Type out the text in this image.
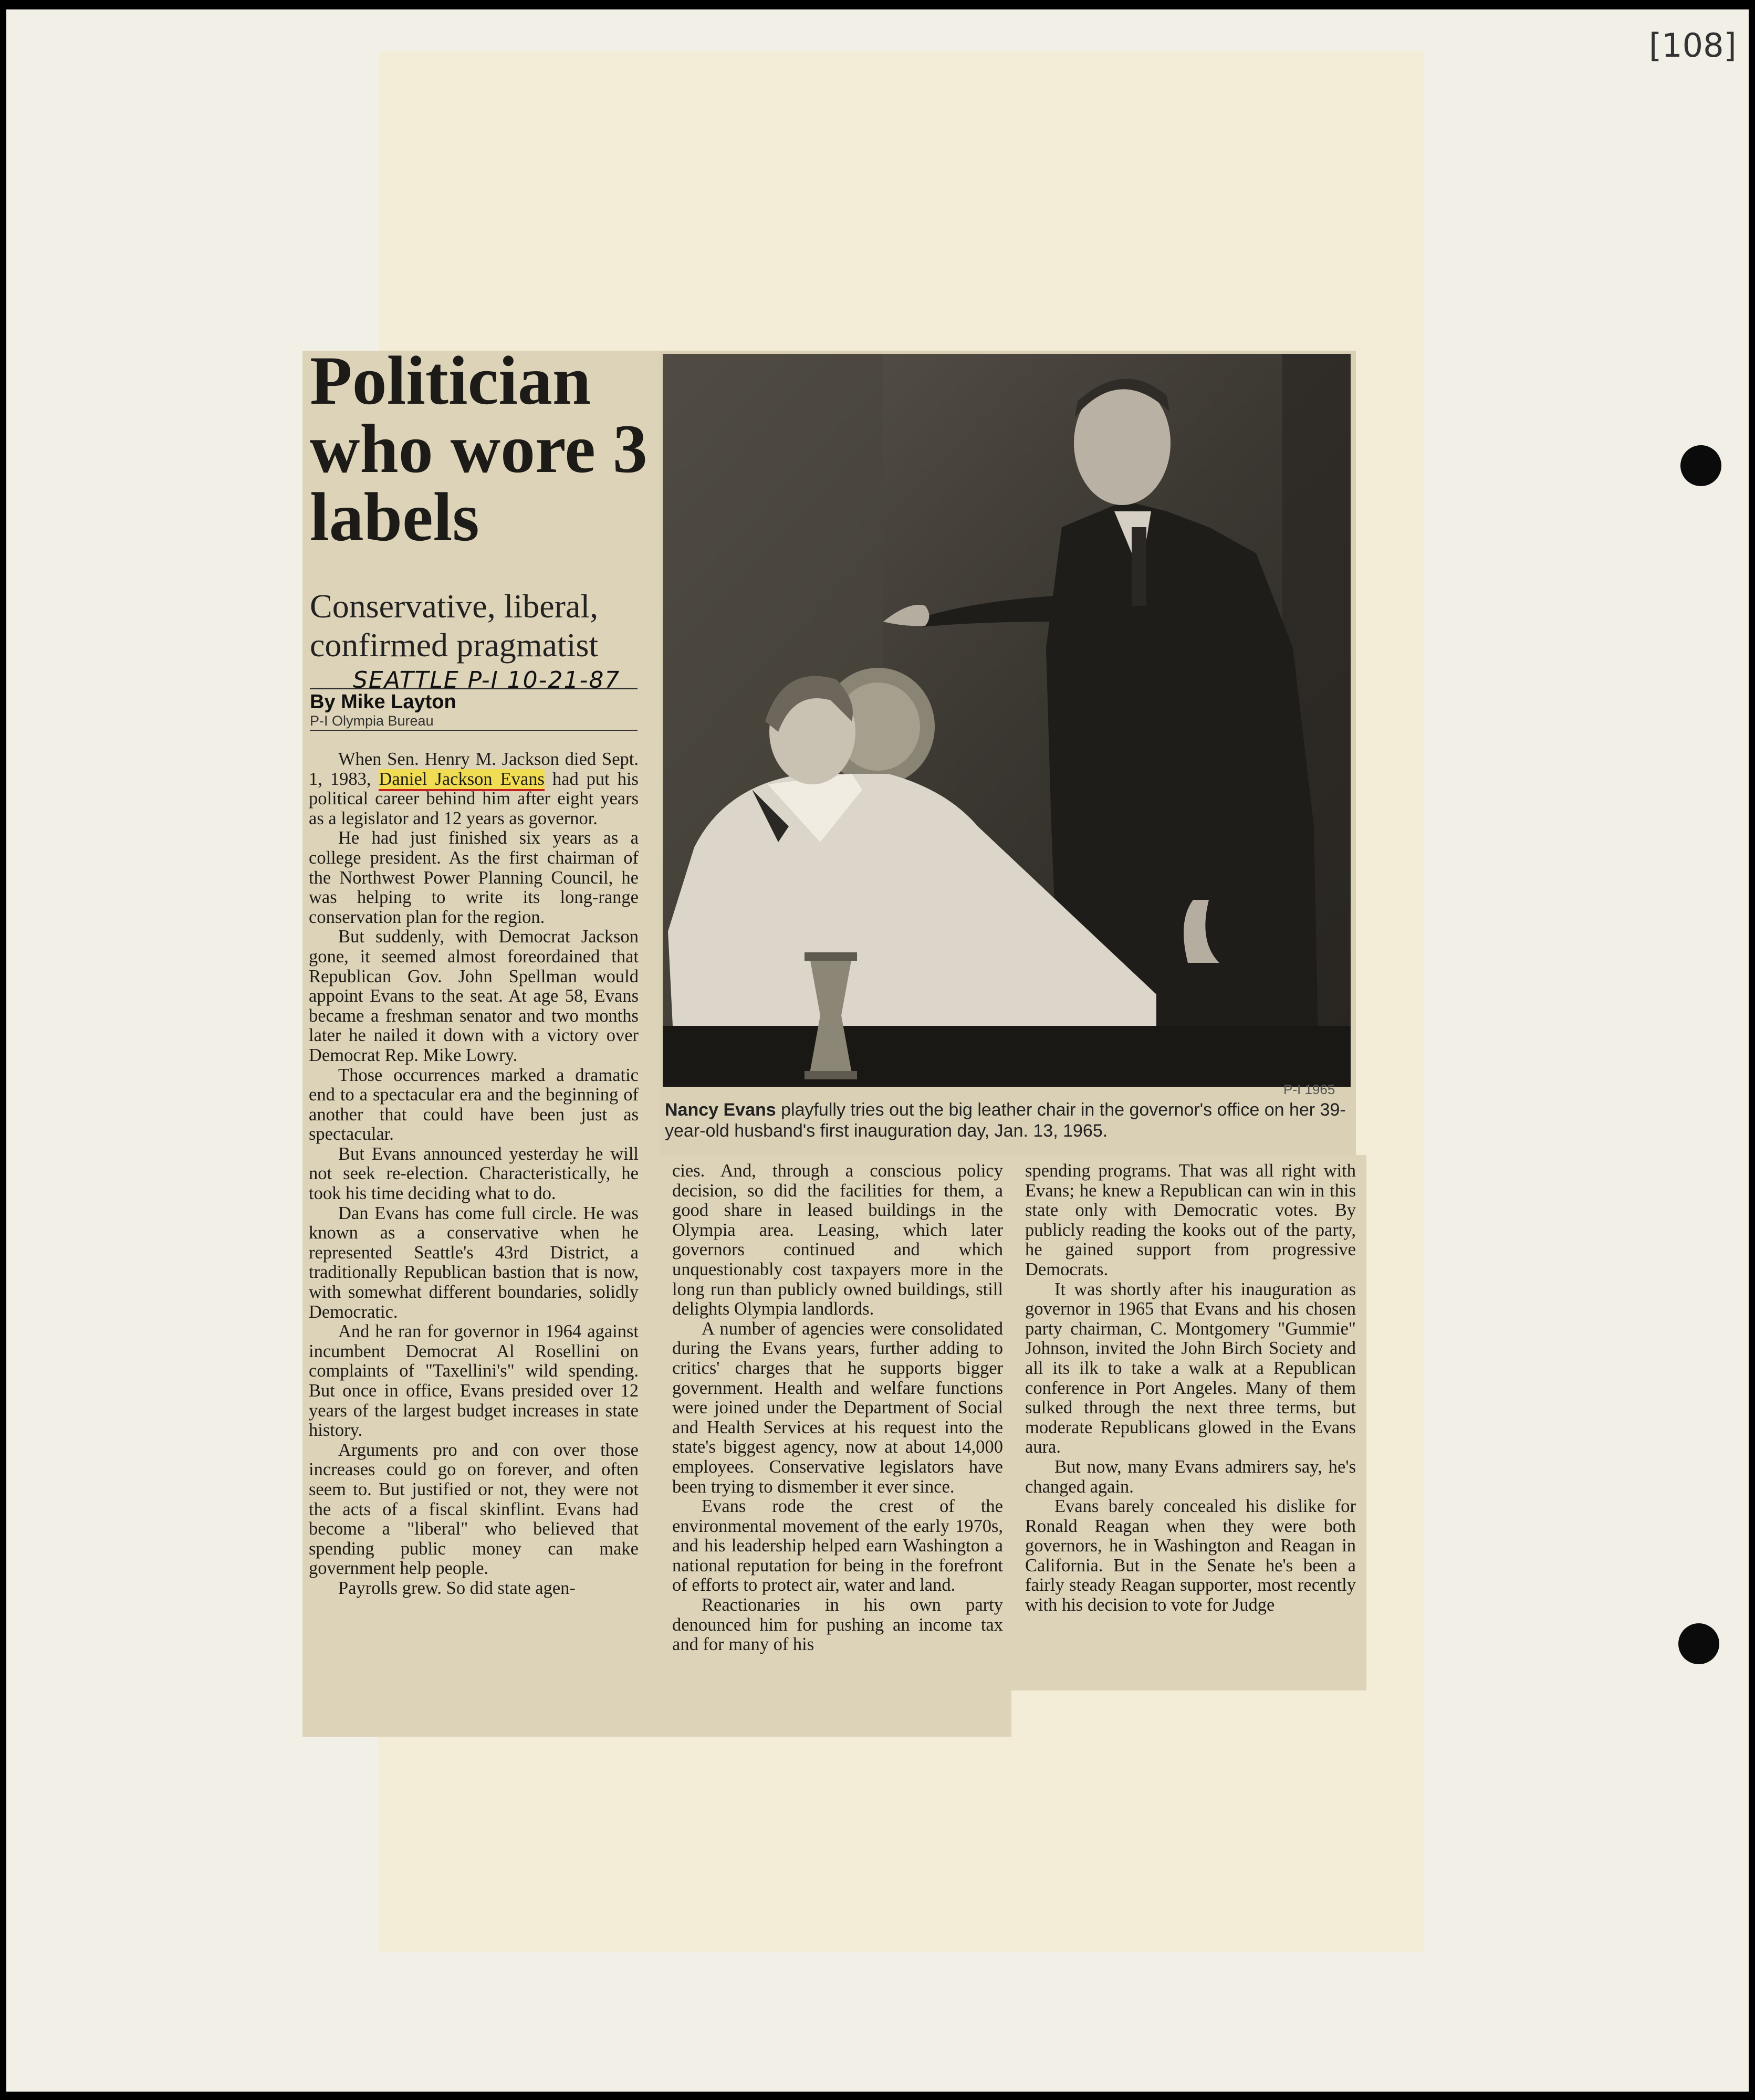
[108]
Politician who wore 3 labels
Conservative, liberal, confirmed pragmatist
SEATTLE P-I 10-21-87
By Mike Layton
P-I Olympia Bureau
P-I 1965
Nancy Evans playfully tries out the big leather chair in the governor's office on her 39-year-old husband's first inauguration day, Jan. 13, 1965.

When Sen. Henry M. Jackson died Sept. 1, 1983, Daniel Jackson Evans had put his political career behind him after eight years as a legislator and 12 years as governor.

He had just finished six years as a college president. As the first chairman of the Northwest Power Planning Council, he was helping to write its long-range conservation plan for the region.

But suddenly, with Democrat Jackson gone, it seemed almost foreordained that Republican Gov. John Spellman would appoint Evans to the seat. At age 58, Evans became a freshman senator and two months later he nailed it down with a victory over Democrat Rep. Mike Lowry.

Those occurrences marked a dramatic end to a spectacular era and the beginning of another that could have been just as spectacular.

But Evans announced yesterday he will not seek re-election. Characteristically, he took his time deciding what to do.

Dan Evans has come full circle. He was known as a conservative when he represented Seattle's 43rd District, a traditionally Republican bastion that is now, with somewhat different boundaries, solidly Democratic.

And he ran for governor in 1964 against incumbent Democrat Al Rosellini on complaints of "Taxellini's" wild spending. But once in office, Evans presided over 12 years of the largest budget increases in state history.

Arguments pro and con over those increases could go on forever, and often seem to. But justified or not, they were not the acts of a fiscal skinflint. Evans had become a "liberal" who believed that spending public money can make government help people.

Payrolls grew. So did state agen-

cies. And, through a conscious policy decision, so did the facilities for them, a good share in leased buildings in the Olympia area. Leasing, which later governors continued and which unquestionably cost taxpayers more in the long run than publicly owned buildings, still delights Olympia landlords.

A number of agencies were consolidated during the Evans years, further adding to critics' charges that he supports bigger government. Health and welfare functions were joined under the Department of Social and Health Services at his request into the state's biggest agency, now at about 14,000 employees. Conservative legislators have been trying to dismember it ever since.

Evans rode the crest of the environmental movement of the early 1970s, and his leadership helped earn Washington a national reputation for being in the forefront of efforts to protect air, water and land.

Reactionaries in his own party denounced him for pushing an income tax and for many of his

spending programs. That was all right with Evans; he knew a Republican can win in this state only with Democratic votes. By publicly reading the kooks out of the party, he gained support from progressive Democrats.

It was shortly after his inauguration as governor in 1965 that Evans and his chosen party chairman, C. Montgomery "Gummie" Johnson, invited the John Birch Society and all its ilk to take a walk at a Republican conference in Port Angeles. Many of them sulked through the next three terms, but moderate Republicans glowed in the Evans aura.

But now, many Evans admirers say, he's changed again.

Evans barely concealed his dislike for Ronald Reagan when they were both governors, he in Washington and Reagan in California. But in the Senate he's been a fairly steady Reagan supporter, most recently with his decision to vote for Judge
